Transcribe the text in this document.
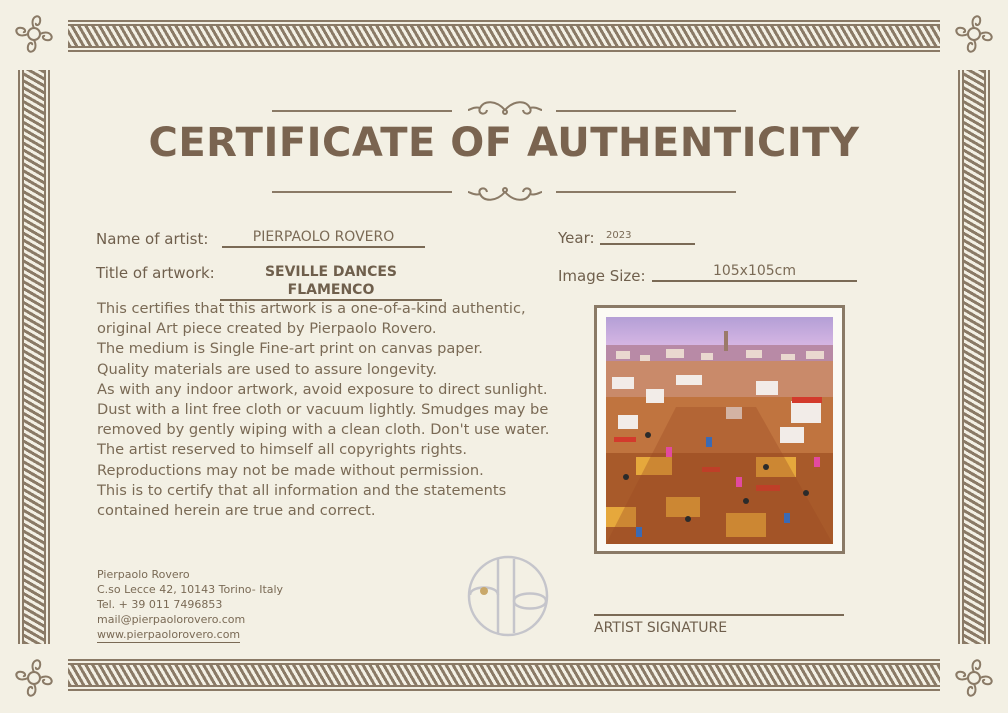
CERTIFICATE OF AUTHENTICITY
Name of artist:	PIERPAOLO ROVERO
Title of artwork:	SEVILLE DANCES FLAMENCO
Year:	2023
Image Size:	105x105cm
This certifies that this artwork is a one-of-a-kind authentic,
original Art piece created by Pierpaolo Rovero.
The medium is Single Fine-art print on canvas paper.
Quality materials are used to assure longevity.
As with any indoor artwork, avoid exposure to direct sunlight.
Dust with a lint free cloth or vacuum lightly. Smudges may be
removed by gently wiping with a clean cloth. Don't use water.
The artist reserved to himself all copyrights rights.
Reproductions may not be made without permission.
This is to certify that all information and the statements
contained herein are true and correct.
Pierpaolo Rovero
C.so Lecce 42, 10143 Torino- Italy
Tel. + 39 011 7496853
mail@pierpaolorovero.com
www.pierpaolorovero.com	ARTIST SIGNATURE
